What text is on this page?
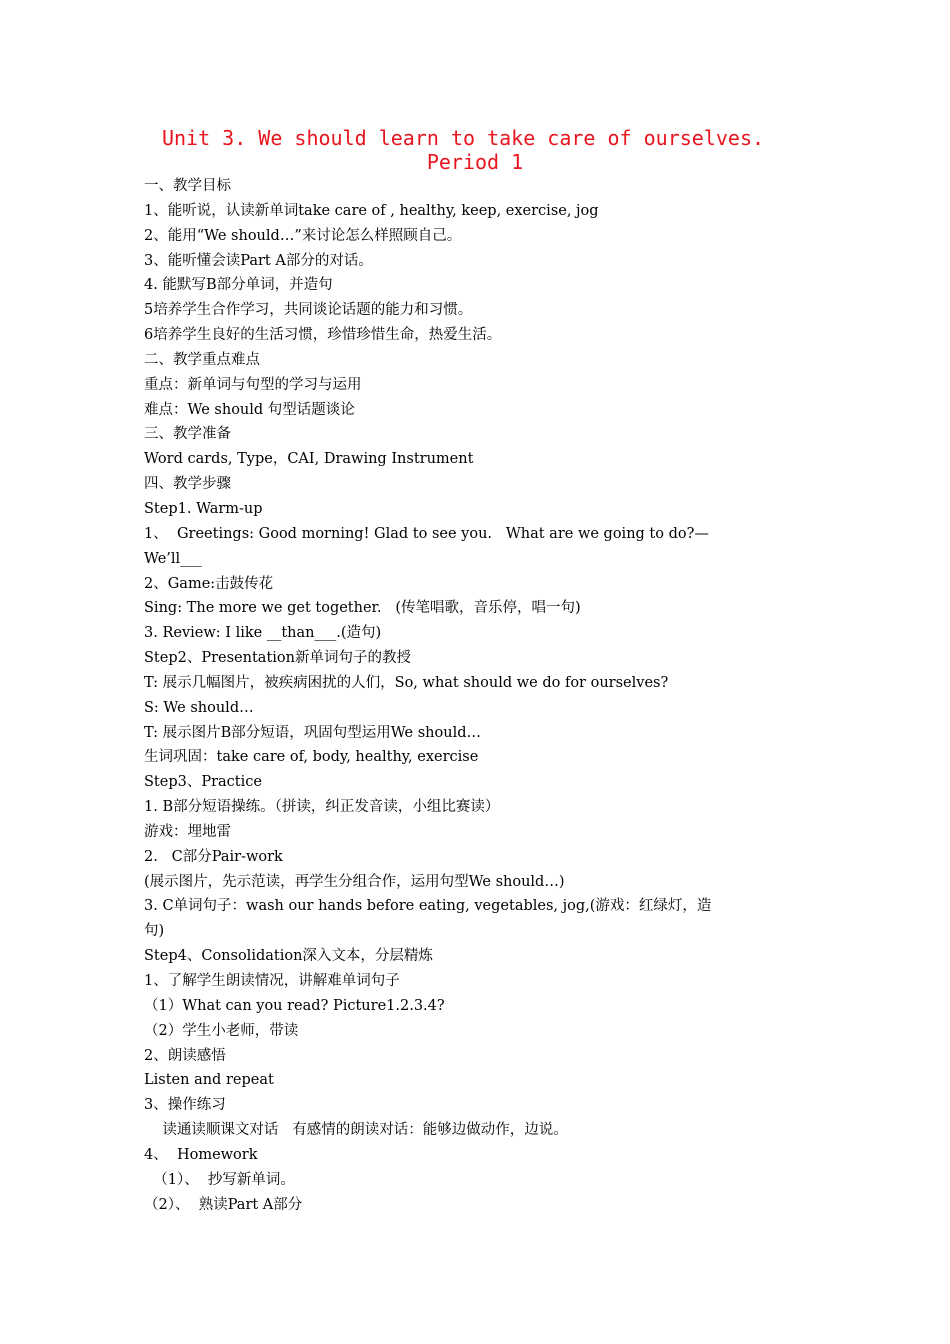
Unit 3. We should learn to take care of ourselves.
Period 1
一、教学目标
1、能听说，认读新单词take care of , healthy, keep, exercise, jog
2、能用“We should…”来讨论怎么样照顾自己。
3、能听懂会读Part A部分的对话。
4. 能默写B部分单词，并造句
5培养学生合作学习，共同谈论话题的能力和习惯。
6培养学生良好的生活习惯，珍惜珍惜生命，热爱生活。
二、教学重点难点
重点：新单词与句型的学习与运用
难点：We should 句型话题谈论
三、教学准备
Word cards, Type，CAI, Drawing Instrument
四、教学步骤
Step1. Warm-up
1、  Greetings: Good morning! Glad to see you.   What are we going to do?—
We’ll___
2、Game:击鼓传花
Sing: The more we get together.   (传笔唱歌，音乐停，唱一句)
3. Review: I like __than___.(造句)
Step2、Presentation新单词句子的教授
T: 展示几幅图片，被疾病困扰的人们，So, what should we do for ourselves?
S: We should…
T: 展示图片B部分短语，巩固句型运用We should…
生词巩固：take care of, body, healthy, exercise
Step3、Practice
1. B部分短语操练。（拼读，纠正发音读，小组比赛读）
游戏：埋地雷
2.   C部分Pair-work
(展示图片，先示范读，再学生分组合作，运用句型We should…)
3. C单词句子：wash our hands before eating, vegetables, jog,(游戏：红绿灯，造
句)
Step4、Consolidation深入文本，分层精炼
1、了解学生朗读情况，讲解难单词句子
（1）What can you read? Picture1.2.3.4?
（2）学生小老师，带读
2、朗读感悟
Listen and repeat
3、操作练习
读通读顺课文对话   有感情的朗读对话：能够边做动作，边说。
4、  Homework
（1）、  抄写新单词。
（2）、  熟读Part A部分
